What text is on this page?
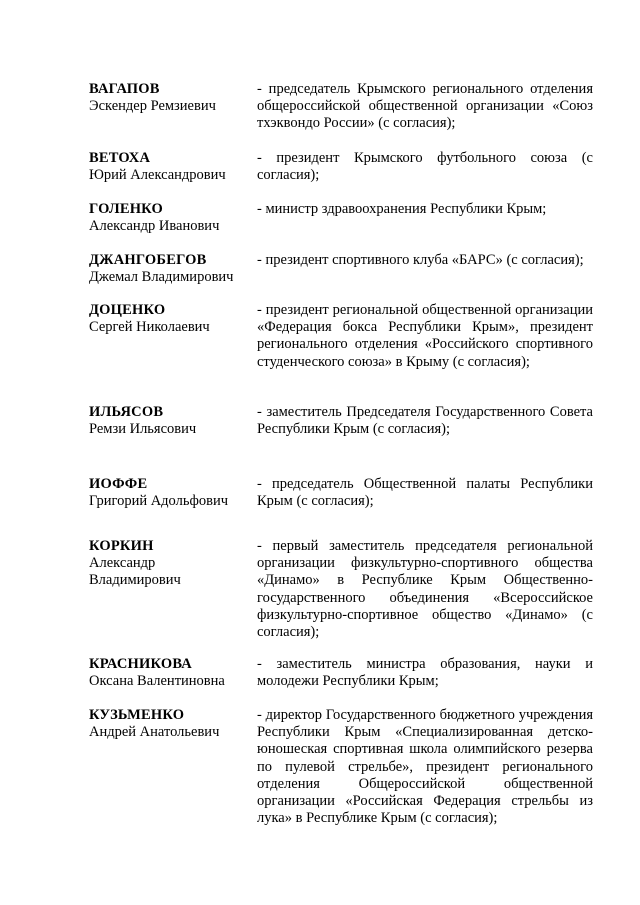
ВАГАПОВ
Эскендер Ремзиевич
- председатель Крымского регионального отделения общероссийской общественной организации «Союз тхэквондо России» (с согласия);
ВЕТОХА
Юрий Александрович
- президент Крымского футбольного союза (с согласия);
ГОЛЕНКО
Александр Иванович
- министр здравоохранения Республики Крым;
ДЖАНГОБЕГОВ
Джемал Владимирович
- президент спортивного клуба «БАРС» (с согласия);
ДОЦЕНКО
Сергей Николаевич
- президент региональной общественной организации «Федерация бокса Республики Крым», президент регионального отделения «Российского спортивного студенческого союза» в Крыму (с согласия);
ИЛЬЯСОВ
Ремзи Ильясович
- заместитель Председателя Государственного Совета Республики Крым (с согласия);
ИОФФЕ
Григорий Адольфович
- председатель Общественной палаты Республики Крым (с согласия);
КОРКИН
Александр Владимирович
- первый заместитель председателя региональной организации физкультурно-спортивного общества «Динамо» в Республике Крым Общественно-государственного объединения «Всероссийское физкультурно-спортивное общество «Динамо» (с согласия);
КРАСНИКОВА
Оксана Валентиновна
- заместитель министра образования, науки и молодежи Республики Крым;
КУЗЬМЕНКО
Андрей Анатольевич
- директор Государственного бюджетного учреждения Республики Крым «Специализированная детско-юношеская спортивная школа олимпийского резерва по пулевой стрельбе», президент регионального отделения Общероссийской общественной организации «Российская Федерация стрельбы из лука» в Республике Крым (с согласия);
